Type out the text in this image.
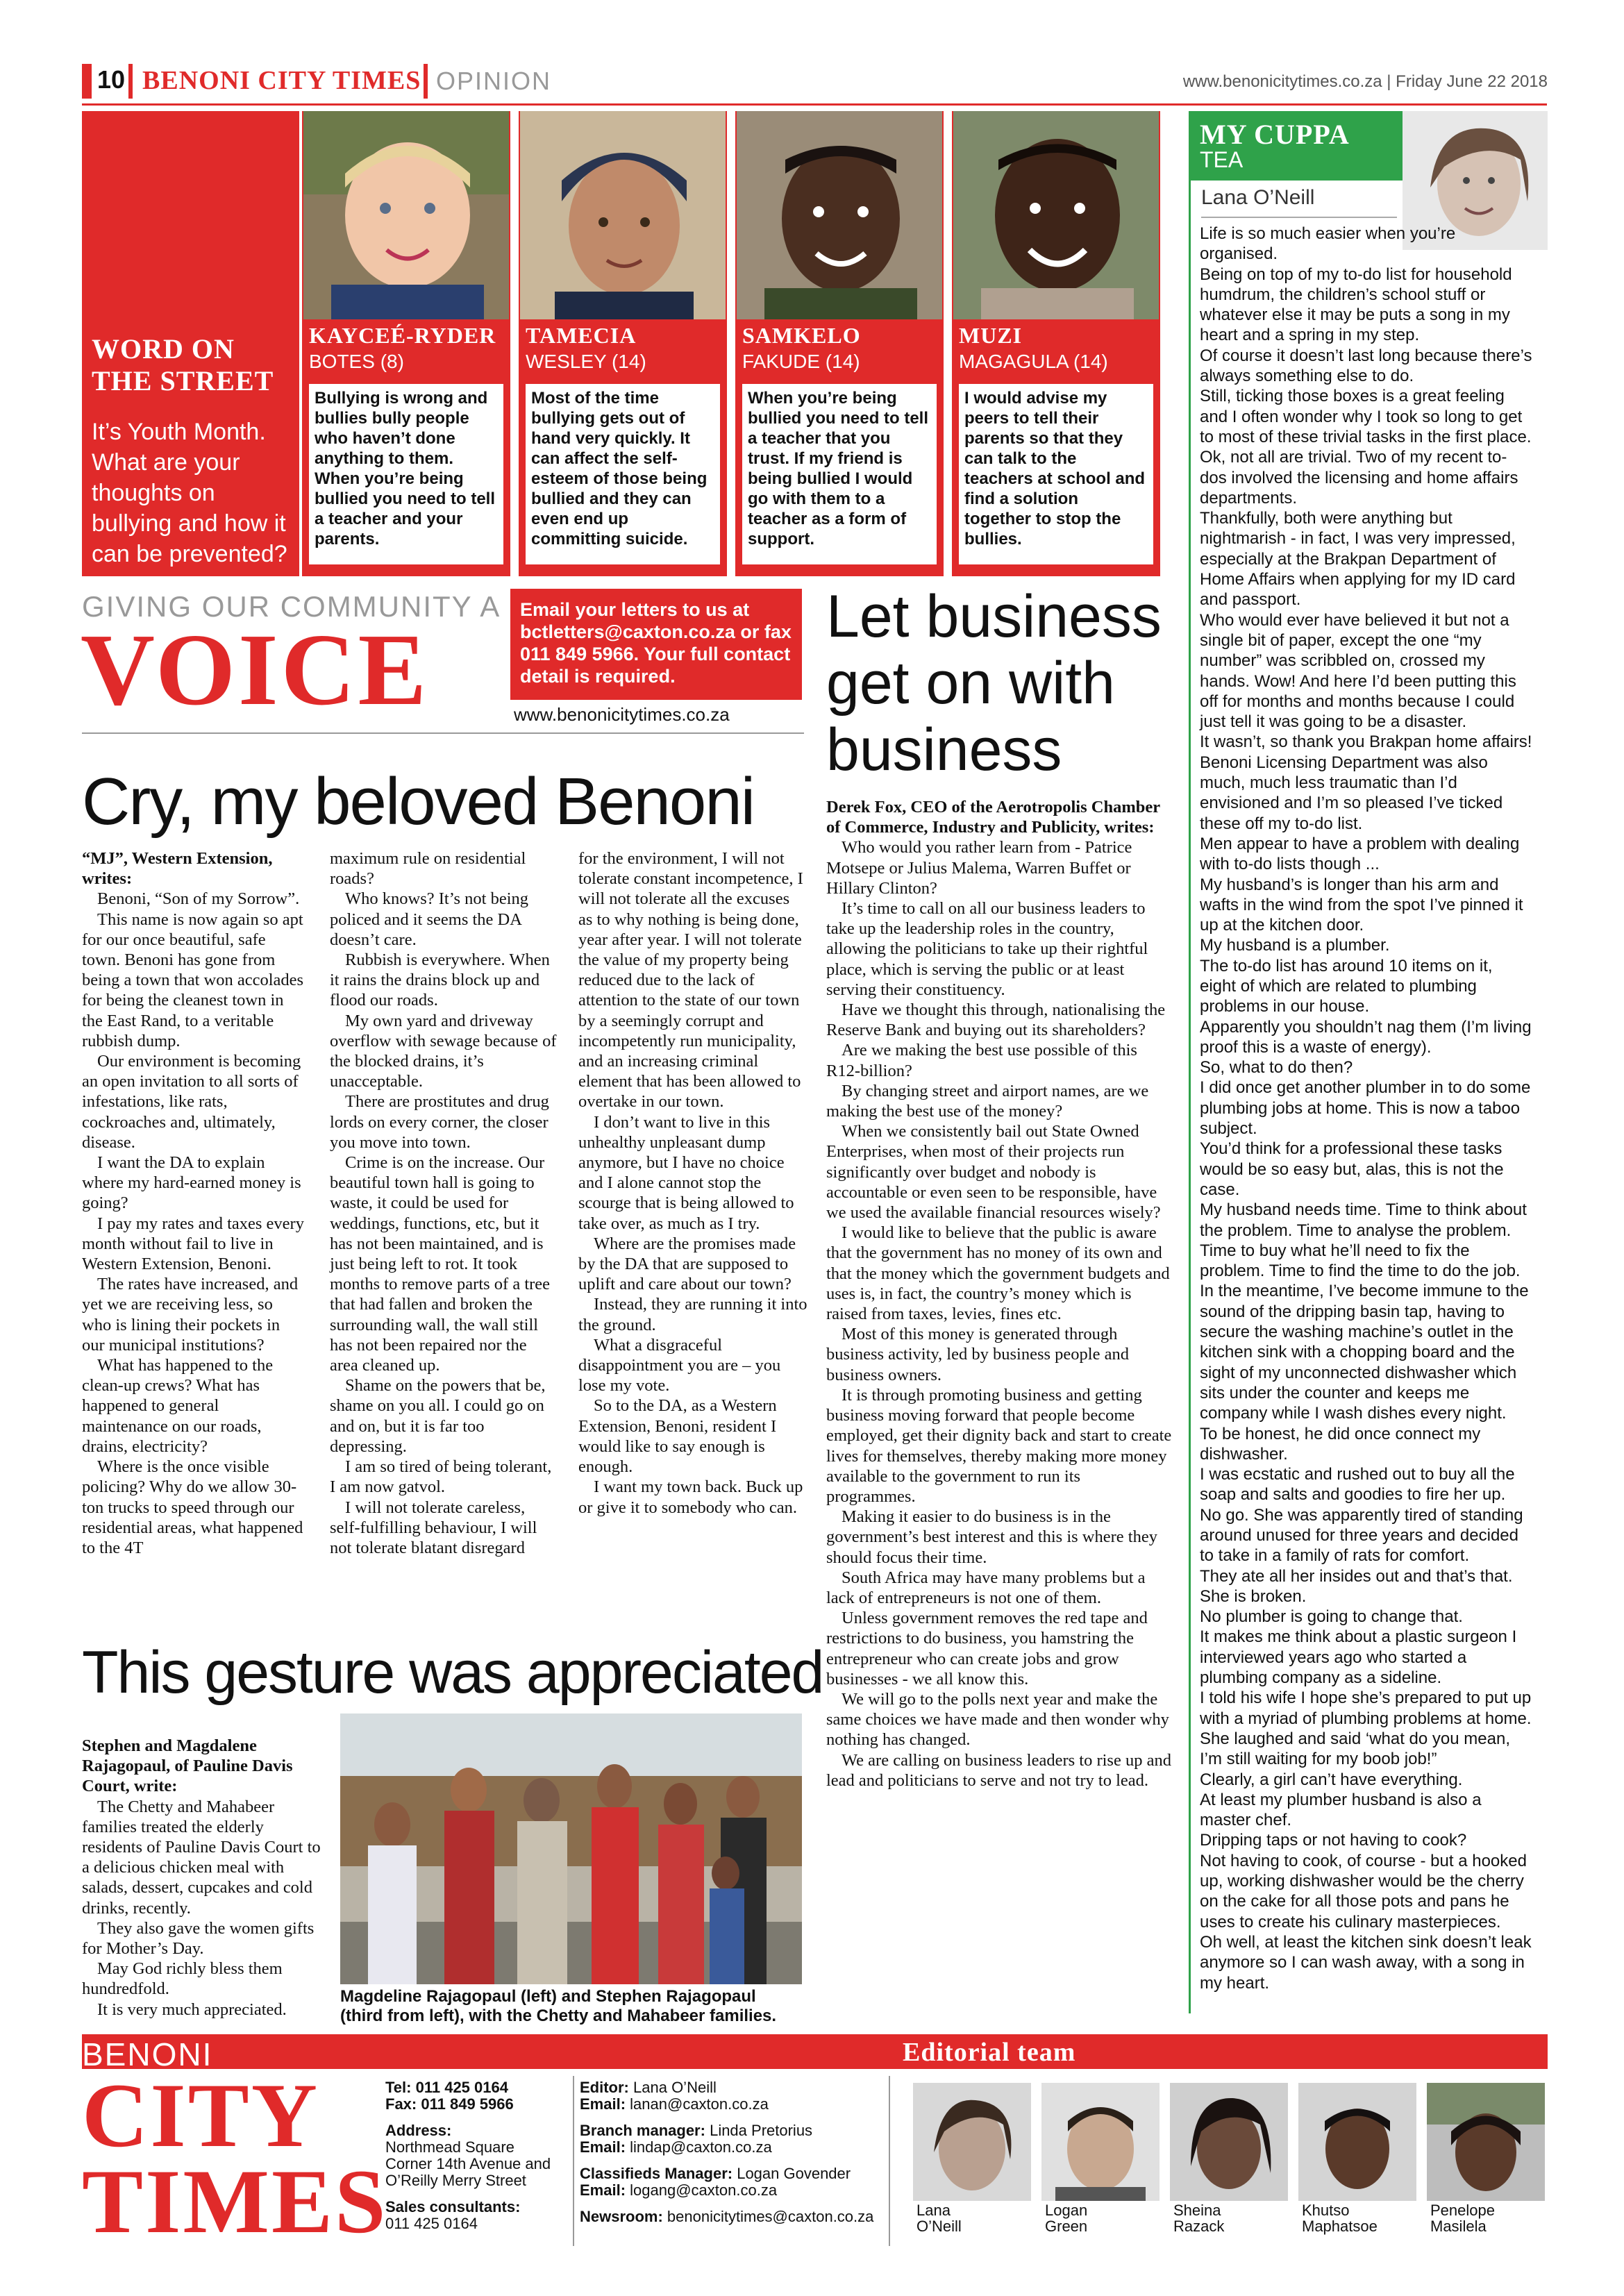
10 BENONI CITY TIMES OPINION	www.benonicitytimes.co.za | Friday June 22 2018
WORD ON
THE STREET

It’s Youth Month. What are your thoughts on bullying and how it can be prevented?

KAYCEÉ-RYDER
BOTES (8)
Bullying is wrong and bullies bully people who haven’t done anything to them. When you’re being bullied you need to tell a teacher and your parents.
TAMECIA
WESLEY (14)
Most of the time bullying gets out of hand very quickly. It can affect the self-esteem of those being bullied and they can even end up committing suicide.
SAMKELO
FAKUDE (14)
When you’re being bullied you need to tell a teacher that you trust. If my friend is being bullied I would go with them to a teacher as a form of support.
MUZI
MAGAGULA (14)
I would advise my peers to tell their parents so that they can talk to the teachers at school and find a solution together to stop the bullies.
MY CUPPA
TEA
Lana O’Neill

Life is so much easier when you’re organised.

Being on top of my to-do list for household humdrum, the children’s school stuff or whatever else it may be puts a song in my heart and a spring in my step.

Of course it doesn’t last long because there’s always something else to do.

Still, ticking those boxes is a great feeling and I often wonder why I took so long to get to most of these trivial tasks in the first place.

Ok, not all are trivial. Two of my recent to-dos involved the licensing and home affairs departments.

Thankfully, both were anything but nightmarish - in fact, I was very impressed, especially at the Brakpan Department of Home Affairs when applying for my ID card and passport.

Who would ever have believed it but not a single bit of paper, except the one “my number” was scribbled on, crossed my hands. Wow! And here I’d been putting this off for months and months because I could just tell it was going to be a disaster.

It wasn’t, so thank you Brakpan home affairs!

Benoni Licensing Department was also much, much less traumatic than I’d envisioned and I’m so pleased I’ve ticked these off my to-do list.

Men appear to have a problem with dealing with to-do lists though ...

My husband’s is longer than his arm and wafts in the wind from the spot I’ve pinned it up at the kitchen door.

My husband is a plumber.

The to-do list has around 10 items on it, eight of which are related to plumbing problems in our house.

Apparently you shouldn’t nag them (I’m living proof this is a waste of energy).

So, what to do then?

I did once get another plumber in to do some plumbing jobs at home. This is now a taboo subject.

You’d think for a professional these tasks would be so easy but, alas, this is not the case.

My husband needs time. Time to think about the problem. Time to analyse the problem. Time to buy what he’ll need to fix the problem. Time to find the time to do the job.

In the meantime, I’ve become immune to the sound of the dripping basin tap, having to secure the washing machine’s outlet in the kitchen sink with a chopping board and the sight of my unconnected dishwasher which sits under the counter and keeps me company while I wash dishes every night.

To be honest, he did once connect my dishwasher.

I was ecstatic and rushed out to buy all the soap and salts and goodies to fire her up.

No go. She was apparently tired of standing around unused for three years and decided to take in a family of rats for comfort.

They ate all her insides out and that’s that.

She is broken.

No plumber is going to change that.

It makes me think about a plastic surgeon I interviewed years ago who started a plumbing company as a sideline.

I told his wife I hope she’s prepared to put up with a myriad of plumbing problems at home. She laughed and said ‘what do you mean, I’m still waiting for my boob job!”

Clearly, a girl can’t have everything.

At least my plumber husband is also a master chef.

Dripping taps or not having to cook?

Not having to cook, of course - but a hooked up, working dishwasher would be the cherry on the cake for all those pots and pans he uses to create his culinary masterpieces.

Oh well, at least the kitchen sink doesn’t leak anymore so I can wash away, with a song in my heart.

GIVING OUR COMMUNITY A
VOICE
Email your letters to us at bctletters@caxton.co.za or fax 011 849 5966. Your full contact detail is required.
www.benonicitytimes.co.za
Cry, my beloved Benoni

“MJ”, Western Extension, writes:

Benoni, “Son of my Sorrow”.

This name is now again so apt for our once beautiful, safe town. Benoni has gone from being a town that won accolades for being the cleanest town in the East Rand, to a veritable rubbish dump.

Our environment is becoming an open invitation to all sorts of infestations, like rats, cockroaches and, ultimately, disease.

I want the DA to explain where my hard-earned money is going?

I pay my rates and taxes every month without fail to live in Western Extension, Benoni.

The rates have increased, and yet we are receiving less, so who is lining their pockets in our municipal institutions?

What has happened to the clean-up crews? What has happened to general maintenance on our roads, drains, electricity?

Where is the once visible policing? Why do we allow 30-ton trucks to speed through our residential areas, what happened to the 4T

maximum rule on residential roads?

Who knows? It’s not being policed and it seems the DA doesn’t care.

Rubbish is everywhere. When it rains the drains block up and flood our roads.

My own yard and driveway overflow with sewage because of the blocked drains, it’s unacceptable.

There are prostitutes and drug lords on every corner, the closer you move into town.

Crime is on the increase. Our beautiful town hall is going to waste, it could be used for weddings, functions, etc, but it has not been maintained, and is just being left to rot. It took months to remove parts of a tree that had fallen and broken the surrounding wall, the wall still has not been repaired nor the area cleaned up.

Shame on the powers that be, shame on you all. I could go on and on, but it is far too depressing.

I am so tired of being tolerant, I am now gatvol.

I will not tolerate careless, self-fulfilling behaviour, I will not tolerate blatant disregard

for the environment, I will not tolerate constant incompetence, I will not tolerate all the excuses as to why nothing is being done, year after year. I will not tolerate the value of my property being reduced due to the lack of attention to the state of our town by a seemingly corrupt and incompetently run municipality, and an increasing criminal element that has been allowed to overtake in our town.

I don’t want to live in this unhealthy unpleasant dump anymore, but I have no choice and I alone cannot stop the scourge that is being allowed to take over, as much as I try.

Where are the promises made by the DA that are supposed to uplift and care about our town?

Instead, they are running it into the ground.

What a disgraceful disappointment you are – you lose my vote.

So to the DA, as a Western Extension, Benoni, resident I would like to say enough is enough.

I want my town back. Buck up or give it to somebody who can.

This gesture was appreciated

Stephen and Magdalene Rajagopaul, of Pauline Davis Court, write:

The Chetty and Mahabeer families treated the elderly residents of Pauline Davis Court to a delicious chicken meal with salads, dessert, cupcakes and cold drinks, recently.

They also gave the women gifts for Mother’s Day.

May God richly bless them hundredfold.

It is very much appreciated.

Magdeline Rajagopaul (left) and Stephen Rajagopaul (third from left), with the Chetty and Mahabeer families.
Let business get on with business

Derek Fox, CEO of the Aerotropolis Chamber of Commerce, Industry and Publicity, writes:

Who would you rather learn from - Patrice Motsepe or Julius Malema, Warren Buffet or Hillary Clinton?

It’s time to call on all our business leaders to take up the leadership roles in the country, allowing the politicians to take up their rightful place, which is serving the public or at least serving their constituency.

Have we thought this through, nationalising the Reserve Bank and buying out its shareholders?

Are we making the best use possible of this R12-billion?

By changing street and airport names, are we making the best use of the money?

When we consistently bail out State Owned Enterprises, when most of their projects run significantly over budget and nobody is accountable or even seen to be responsible, have we used the available financial resources wisely?

I would like to believe that the public is aware that the government has no money of its own and that the money which the government budgets and uses is, in fact, the country’s money which is raised from taxes, levies, fines etc.

Most of this money is generated through business activity, led by business people and business owners.

It is through promoting business and getting business moving forward that people become employed, get their dignity back and start to create lives for themselves, thereby making more money available to the government to run its programmes.

Making it easier to do business is in the government’s best interest and this is where they should focus their time.

South Africa may have many problems but a lack of entrepreneurs is not one of them.

Unless government removes the red tape and restrictions to do business, you hamstring the entrepreneur who can create jobs and grow businesses - we all know this.

We will go to the polls next year and make the same choices we have made and then wonder why nothing has changed.

We are calling on business leaders to rise up and lead and politicians to serve and not try to lead.

BENONI	Editorial team
CITY
TIMES
Tel: 011 425 0164
Fax: 011 849 5966
Address:
Northmead Square
Corner 14th Avenue and
O’Reilly Merry Street
Sales consultants:
011 425 0164
Editor: Lana O’Neill
Email: lanan@caxton.co.za
Branch manager: Linda Pretorius
Email: lindap@caxton.co.za
Classifieds Manager: Logan Govender
Email: logang@caxton.co.za
Newsroom: benonicitytimes@caxton.co.za	Lana
O’Neill
Logan
Green
Sheina
Razack
Khutso
Maphatsoe
Penelope
Masilela
